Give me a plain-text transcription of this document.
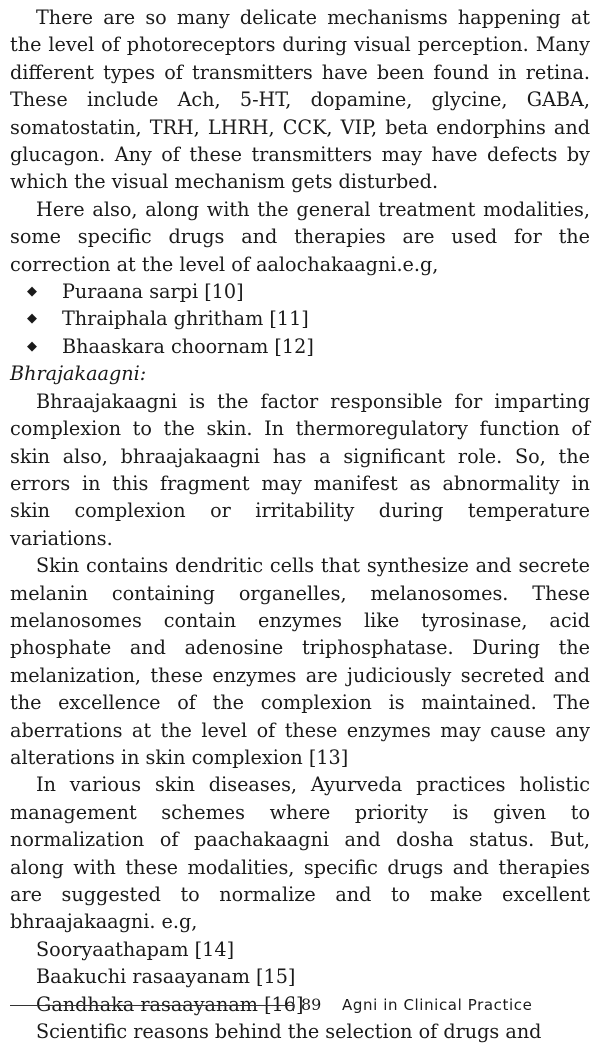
There are so many delicate mechanisms happening at the level of photoreceptors during visual perception. Many different types of transmitters have been found in retina. These include Ach, 5-HT, dopamine, glycine, GABA, somatostatin, TRH, LHRH, CCK, VIP, beta endorphins and glucagon. Any of these transmitters may have defects by which the visual mechanism gets disturbed.

Here also, along with the general treatment modalities, some specific drugs and therapies are used for the correction at the level of aalochakaagni.e.g,

◆ Puraana sarpi [10]
◆ Thraiphala ghritham [11]
◆ Bhaaskara choornam [12]
Bhrajakaagni:

Bhraajakaagni is the factor responsible for imparting complexion to the skin. In thermoregulatory function of skin also, bhraajakaagni has a significant role. So, the errors in this fragment may manifest as abnormality in skin complexion or irritability during temperature variations.

Skin contains dendritic cells that synthesize and secrete melanin containing organelles, melanosomes. These melanosomes contain enzymes like tyrosinase, acid phosphate and adenosine triphosphatase. During the melanization, these enzymes are judiciously secreted and the excellence of the complexion is maintained. The aberrations at the level of these enzymes may cause any alterations in skin complexion [13]

In various skin diseases, Ayurveda practices holistic management schemes where priority is given to normalization of paachakaagni and dosha status. But, along with these modalities, specific drugs and therapies are suggested to normalize and to make excellent bhraajakaagni. e.g,

Sooryaathapam [14]
Baakuchi rasaayanam [15]
Gandhaka rasaayanam [16]

Scientific reasons behind the selection of drugs and

89 Agni in Clinical Practice
